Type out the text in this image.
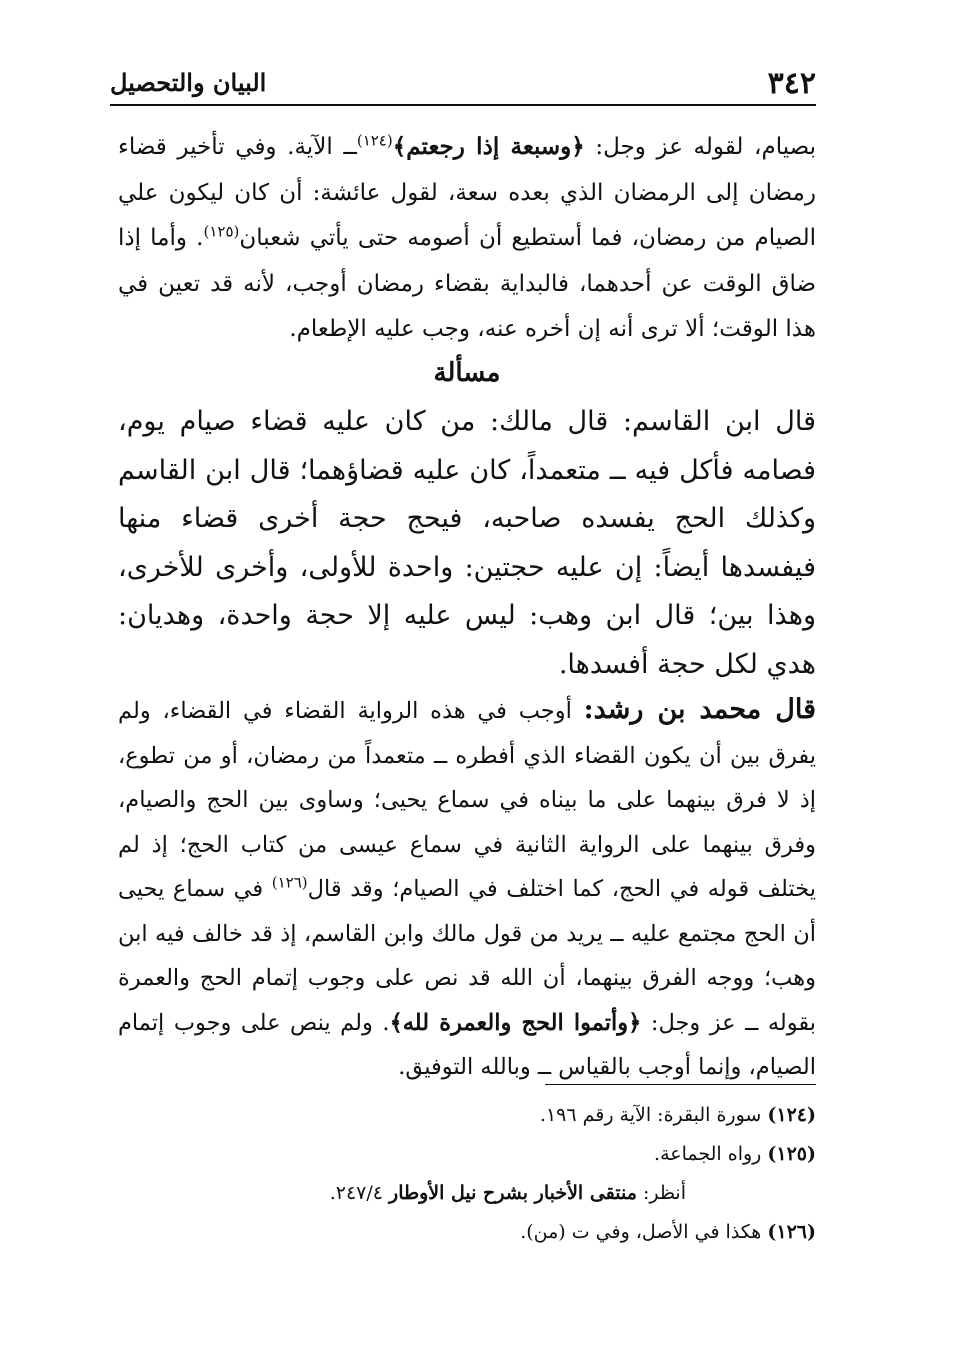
٣٤٢
البيان والتحصيل

بصيام، لقوله عز وجل: ﴿وسبعة إذا رجعتم﴾$^{(١٢٤)}$ــ الآية. وفي تأخير قضاء رمضان إلى الرمضان الذي بعده سعة، لقول عائشة: أن كان ليكون علي الصيام من رمضان، فما أستطيع أن أصومه حتى يأتي شعبان$^{(١٢٥)}$. وأما إذا ضاق الوقت عن أحدهما، فالبداية بقضاء رمضان أوجب، لأنه قد تعين في هذا الوقت؛ ألا ترى أنه إن أخره عنه، وجب عليه الإطعام.

مسألة

قال ابن القاسم: قال مالك: من كان عليه قضاء صيام يوم، فصامه فأكل فيه ــ متعمداً، كان عليه قضاؤهما؛ قال ابن القاسم وكذلك الحج يفسده صاحبه، فيحج حجة أخرى قضاء منها فيفسدها أيضاً: إن عليه حجتين: واحدة للأولى، وأخرى للأخرى، وهذا بين؛ قال ابن وهب: ليس عليه إلا حجة واحدة، وهديان: هدي لكل حجة أفسدها.

قال محمد بن رشد: أوجب في هذه الرواية القضاء في القضاء، ولم يفرق بين أن يكون القضاء الذي أفطره ــ متعمداً من رمضان، أو من تطوع، إذ لا فرق بينهما على ما بيناه في سماع يحيى؛ وساوى بين الحج والصيام، وفرق بينهما على الرواية الثانية في سماع عيسى من كتاب الحج؛ إذ لم يختلف قوله في الحج، كما اختلف في الصيام؛ وقد قال$^{(١٢٦)}$ في سماع يحيى أن الحج مجتمع عليه ــ يريد من قول مالك وابن القاسم، إذ قد خالف فيه ابن وهب؛ ووجه الفرق بينهما، أن الله قد نص على وجوب إتمام الحج والعمرة بقوله ــ عز وجل: ﴿وأتموا الحج والعمرة لله﴾. ولم ينص على وجوب إتمام الصيام، وإنما أوجب بالقياس ــ وبالله التوفيق.

(١٢٤) سورة البقرة: الآية رقم ١٩٦.

(١٢٥) رواه الجماعة.

أنظر: منتقى الأخبار بشرح نيل الأوطار ٢٤٧/٤.

(١٢٦) هكذا في الأصل، وفي ت (من).
